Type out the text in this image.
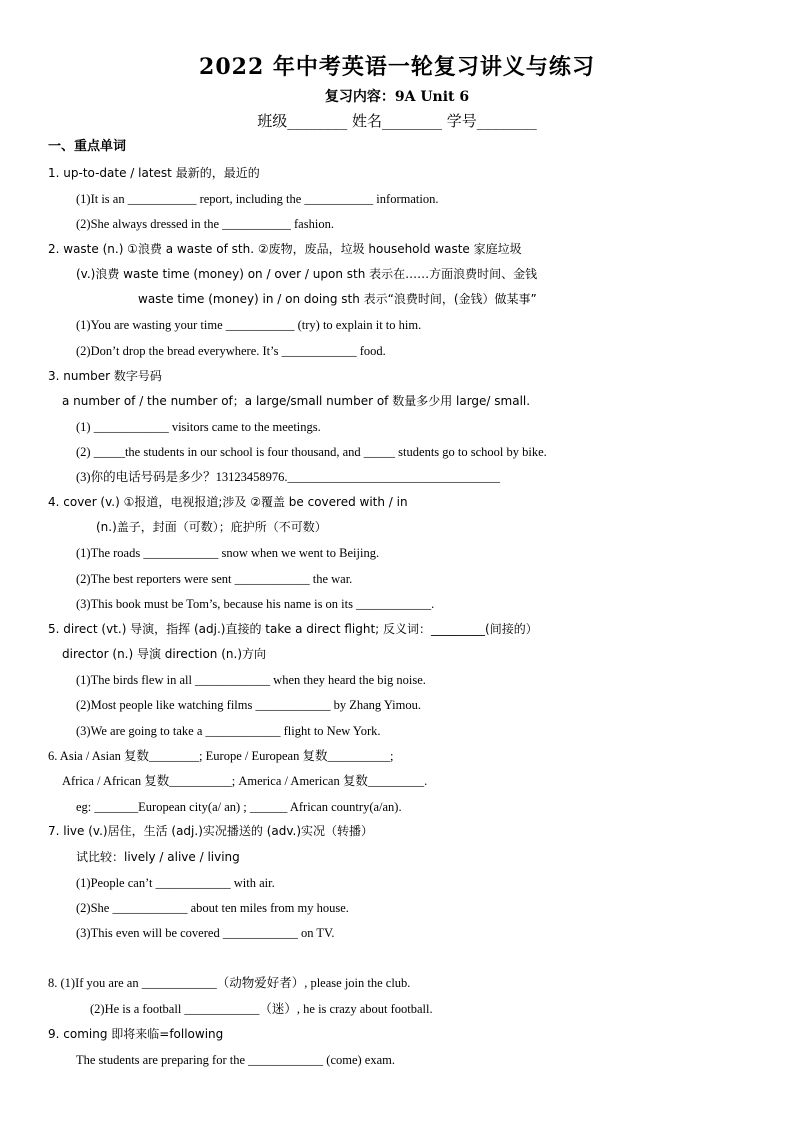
2022 年中考英语一轮复习讲义与练习
复习内容：9A Unit 6
班级________ 姓名________ 学号________
一、重点单词
1. up-to-date / latest 最新的，最近的
(1)It is an ___________ report, including the ___________ information.
(2)She always dressed in the ___________ fashion.
2. waste (n.) ①浪费 a waste of sth. ②废物，废品，垃圾 household waste 家庭垃圾
(v.)浪费 waste time (money) on / over / upon sth 表示在……方面浪费时间、金钱
waste time (money) in / on doing sth 表示“浪费时间，(金钱）做某事”
(1)You are wasting your time ___________ (try) to explain it to him.
(2)Don’t drop the bread everywhere. It’s ____________ food.
3. number 数字号码
a number of / the number of；a large/small number of 数量多少用 large/ small.
(1) ____________ visitors came to the meetings.
(2) _____the students in our school is four thousand, and _____ students go to school by bike.
(3)你的电话号码是多少？13123458976.__________________________________
4. cover (v.) ①报道，电视报道;涉及 ②覆盖 be covered with / in
(n.)盖子，封面（可数）；庇护所（不可数）
(1)The roads ____________ snow when we went to Beijing.
(2)The best reporters were sent ____________ the war.
(3)This book must be Tom’s, because his name is on its ____________.
5. direct (vt.) 导演，指挥 (adj.)直接的 take a direct flight; 反义词：_________(间接的）
director (n.) 导演 direction (n.)方向
(1)The birds flew in all ____________ when they heard the big noise.
(2)Most people like watching films ____________ by Zhang Yimou.
(3)We are going to take a ____________ flight to New York.
6. Asia / Asian 复数________; Europe / European 复数__________;
Africa / African 复数__________; America / American 复数_________.
eg: _______European city(a/ an) ; ______ African country(a/an).
7. live (v.)居住，生活 (adj.)实况播送的 (adv.)实况（转播）
试比较：lively / alive / living
(1)People can’t ____________ with air.
(2)She ____________ about ten miles from my house.
(3)This even will be covered ____________ on TV.
8. (1)If you are an ____________（动物爱好者）, please join the club.
(2)He is a football ____________（迷）, he is crazy about football.
9. coming 即将来临=following
The students are preparing for the ____________ (come) exam.
